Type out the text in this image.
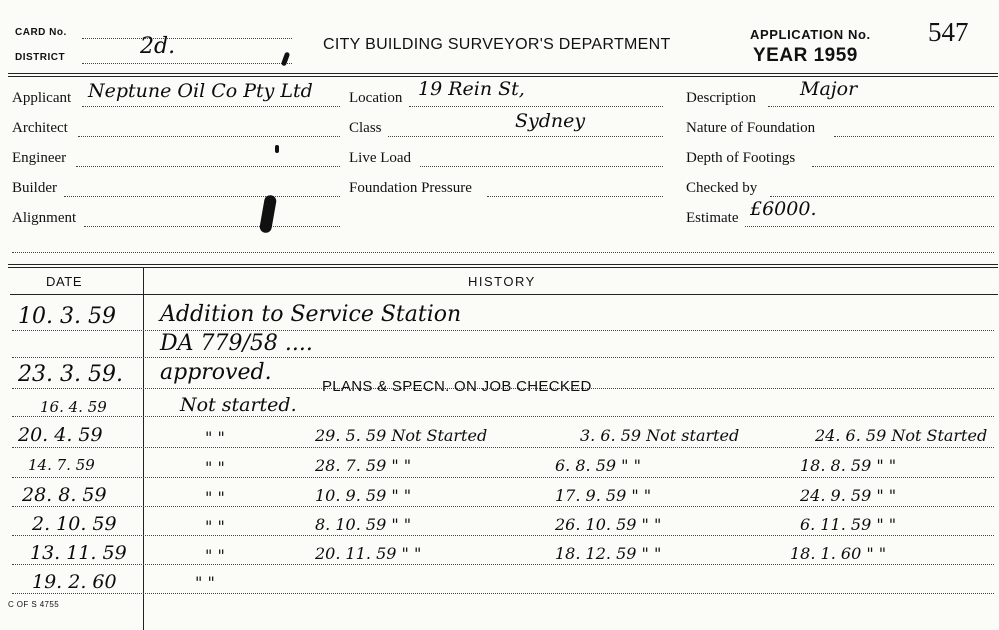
CARD No.
DISTRICT	2d.	CITY BUILDING SURVEYOR'S DEPARTMENT
APPLICATION No. 547
YEAR 1959
Applicant Neptune Oil Co Pty Ltd
Architect
Engineer
Builder
Alignment
Location 19 Rein St,
Class	Sydney
Live Load
Foundation Pressure
Description Major
Nature of Foundation
Depth of Footings
Checked by
Estimate £6000.
DATE	HISTORY
10. 3. 59 Addition to Service Station
DA 779/58 ....
23. 3. 59. approved.
PLANS & SPECN. ON JOB CHECKED
16. 4. 59	Not started.
20. 4. 59	" "	29. 5. 59 Not Started	3. 6. 59 Not started	24. 6. 59 Not Started
14. 7. 59	" "	28. 7. 59 " "	6. 8. 59 " "	18. 8. 59 " "
28. 8. 59	" "	10. 9. 59 " "	17. 9. 59 " "	24. 9. 59 " "
2. 10. 59	" "	8. 10. 59 " "	26. 10. 59 " "	6. 11. 59 " "
13. 11. 59	" "	20. 11. 59 " "	18. 12. 59 " "	18. 1. 60 " "
19. 2. 60	" "
C OF S 4755
